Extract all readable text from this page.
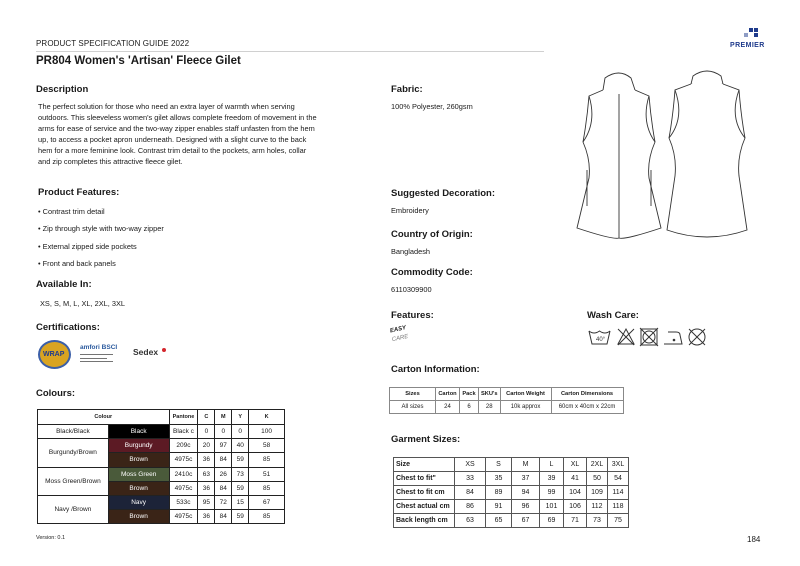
PRODUCT SPECIFICATION GUIDE 2022
PR804 Women's 'Artisan' Fleece Gilet
PREMIER
Description
The perfect solution for those who need an extra layer of warmth when serving
outdoors. This sleeveless women's gilet allows complete freedom of movement in the
arms for ease of service and the two-way zipper enables staff unfasten from the hem
up, to access a pocket apron underneath. Designed with a slight curve to the back
hem for a more feminine look. Contrast trim detail to the pockets, arm holes, collar
and zip completes this attractive fleece gilet.
Product Features:
• Contrast trim detail
• Zip through style with two-way zipper
• External zipped side pockets
• Front and back panels
Available In:
XS, S, M, L, XL, 2XL, 3XL
Certifications:
WRAP
amfori BSCI
▬▬▬▬▬▬▬▬▬▬▬ ▬▬▬▬▬▬▬▬▬ ▬▬▬▬▬▬▬▬▬▬▬
Sedex
Colours:
Colour		Pantone	C	M	Y	K
Black/Black	Black	Black c	0	0	0	100
Burgundy/Brown	Burgundy	209c	20	97	40	58
	Brown	4975c	36	84	59	85
Moss Green/Brown	Moss Green	2410c	63	26	73	51
	Brown	4975c	36	84	59	85
Navy /Brown	Navy	533c	95	72	15	67
	Brown	4975c	36	84	59	85
Fabric:
100% Polyester, 260gsm
Suggested Decoration:
Embroidery
Country of Origin:
Bangladesh
Commodity Code:
6110309900
Features:
EASY
CARE
Wash Care:
40°
Carton Information:
Sizes	Carton	Pack	SKU's	Carton Weight	Carton Dimensions
All sizes	24	6	28	10k approx	60cm x 40cm x 22cm
Garment Sizes:
Size	XS	S	M	L	XL	2XL	3XL
Chest to fit"	33	35	37	39	41	50	54
Chest to fit cm	84	89	94	99	104	109	114
Chest actual cm	86	91	96	101	106	112	118
Back length cm	63	65	67	69	71	73	75
Version: 0.1	184
